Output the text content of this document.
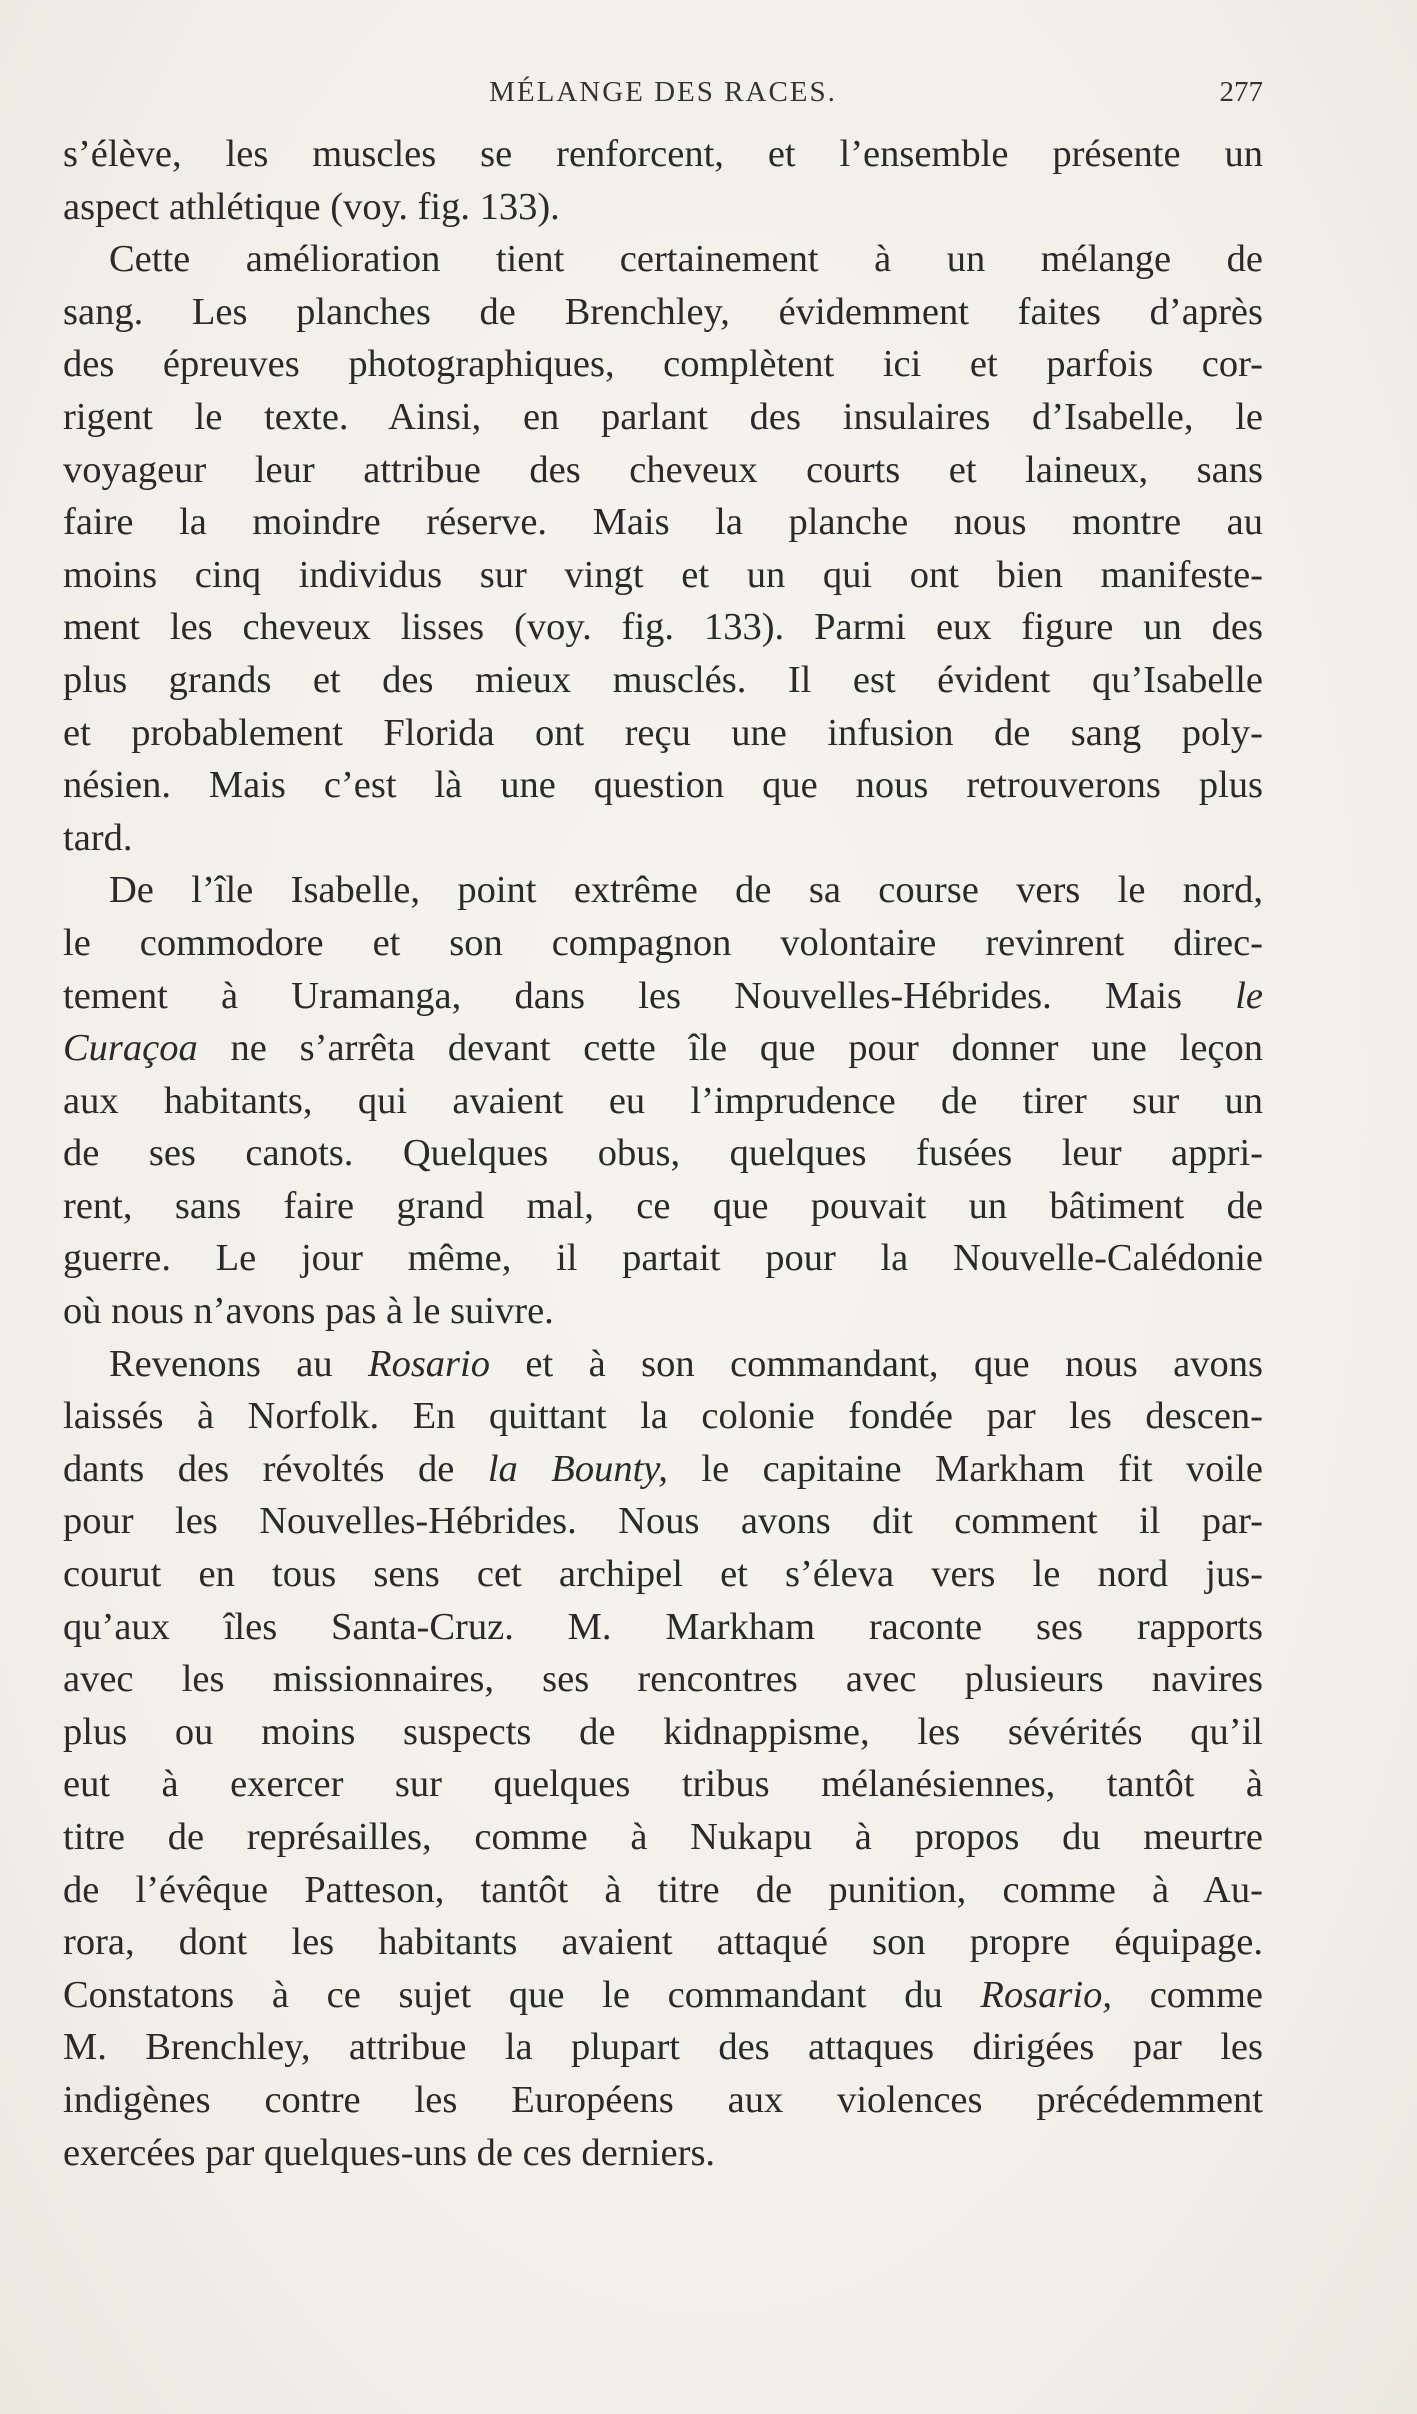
MÉLANGE DES RACES.	277
s’élève, les muscles se renforcent, et l’ensemble présente un
aspect athlétique (voy. fig. 133).
Cette amélioration tient certainement à un mélange de
sang. Les planches de Brenchley, évidemment faites d’après
des épreuves photographiques, complètent ici et parfois cor-
rigent le texte. Ainsi, en parlant des insulaires d’Isabelle, le
voyageur leur attribue des cheveux courts et laineux, sans
faire la moindre réserve. Mais la planche nous montre au
moins cinq individus sur vingt et un qui ont bien manifeste-
ment les cheveux lisses (voy. fig. 133). Parmi eux figure un des
plus grands et des mieux musclés. Il est évident qu’Isabelle
et probablement Florida ont reçu une infusion de sang poly-
nésien. Mais c’est là une question que nous retrouverons plus
tard.
De l’île Isabelle, point extrême de sa course vers le nord,
le commodore et son compagnon volontaire revinrent direc-
tement à Uramanga, dans les Nouvelles-Hébrides. Mais le
Curaçoa ne s’arrêta devant cette île que pour donner une leçon
aux habitants, qui avaient eu l’imprudence de tirer sur un
de ses canots. Quelques obus, quelques fusées leur appri-
rent, sans faire grand mal, ce que pouvait un bâtiment de
guerre. Le jour même, il partait pour la Nouvelle-Calédonie
où nous n’avons pas à le suivre.
Revenons au Rosario et à son commandant, que nous avons
laissés à Norfolk. En quittant la colonie fondée par les descen-
dants des révoltés de la Bounty, le capitaine Markham fit voile
pour les Nouvelles-Hébrides. Nous avons dit comment il par-
courut en tous sens cet archipel et s’éleva vers le nord jus-
qu’aux îles Santa-Cruz. M. Markham raconte ses rapports
avec les missionnaires, ses rencontres avec plusieurs navires
plus ou moins suspects de kidnappisme, les sévérités qu’il
eut à exercer sur quelques tribus mélanésiennes, tantôt à
titre de représailles, comme à Nukapu à propos du meurtre
de l’évêque Patteson, tantôt à titre de punition, comme à Au-
rora, dont les habitants avaient attaqué son propre équipage.
Constatons à ce sujet que le commandant du Rosario, comme
M. Brenchley, attribue la plupart des attaques dirigées par les
indigènes contre les Européens aux violences précédemment
exercées par quelques-uns de ces derniers.
